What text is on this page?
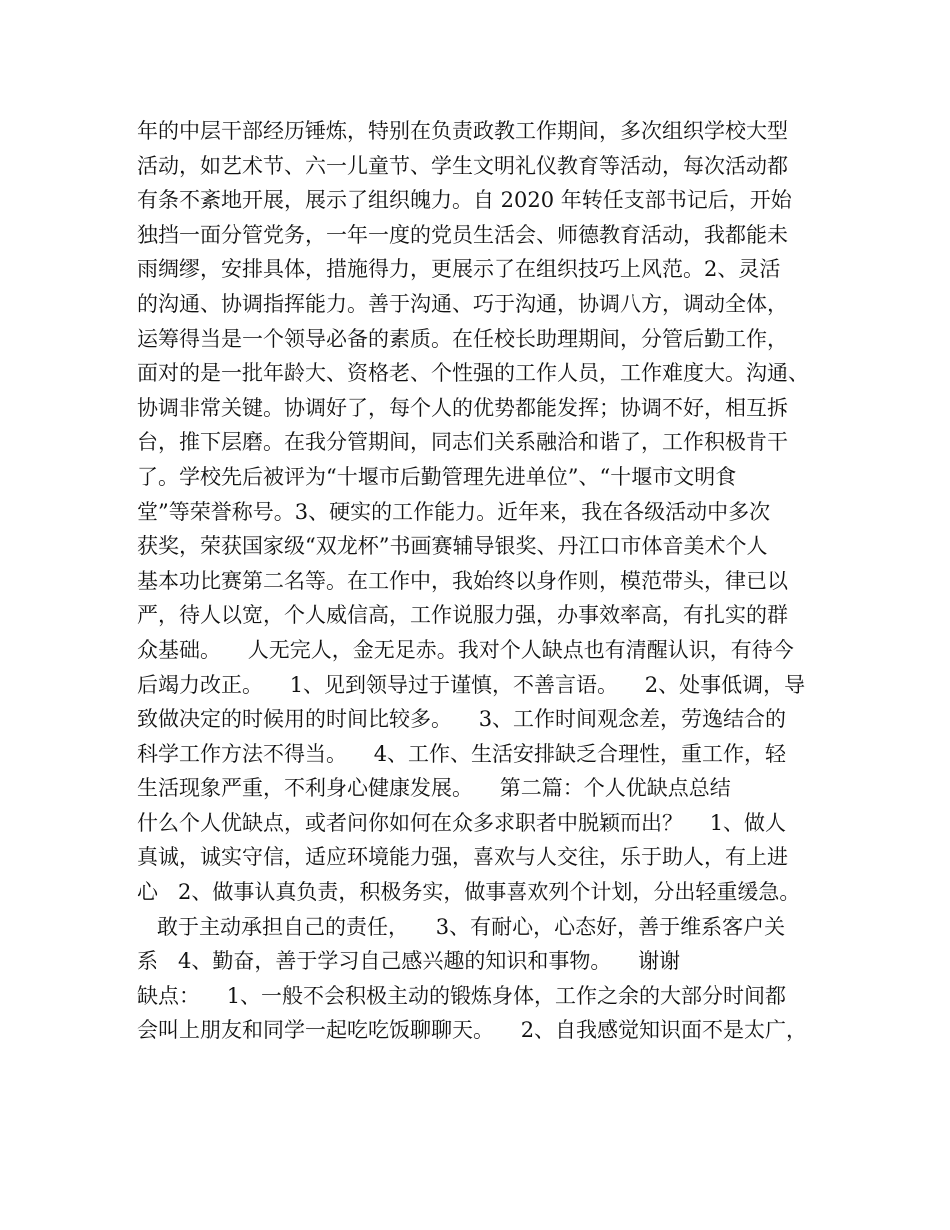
年的中层干部经历锤炼，特别在负责政教工作期间，多次组织学校大型
活动，如艺术节、六一儿童节、学生文明礼仪教育等活动，每次活动都
有条不紊地开展，展示了组织魄力。自 2020 年转任支部书记后，开始
独挡一面分管党务，一年一度的党员生活会、师德教育活动，我都能未
雨绸缪，安排具体，措施得力，更展示了在组织技巧上风范。2、灵活
的沟通、协调指挥能力。善于沟通、巧于沟通，协调八方，调动全体，
运筹得当是一个领导必备的素质。在任校长助理期间，分管后勤工作，
面对的是一批年龄大、资格老、个性强的工作人员，工作难度大。沟通、
协调非常关键。协调好了，每个人的优势都能发挥；协调不好，相互拆
台，推下层磨。在我分管期间，同志们关系融洽和谐了，工作积极肯干
了。学校先后被评为“十堰市后勤管理先进单位”、“十堰市文明食
堂”等荣誉称号。3、硬实的工作能力。近年来，我在各级活动中多次
获奖，荣获国家级“双龙杯”书画赛辅导银奖、丹江口市体音美术个人
基本功比赛第二名等。在工作中，我始终以身作则，模范带头，律已以
严，待人以宽，个人威信高，工作说服力强，办事效率高，有扎实的群
众基础。    人无完人，金无足赤。我对个人缺点也有清醒认识，有待今
后竭力改正。    1、见到领导过于谨慎，不善言语。    2、处事低调，导
致做决定的时候用的时间比较多。    3、工作时间观念差，劳逸结合的
科学工作方法不得当。    4、工作、生活安排缺乏合理性，重工作，轻
生活现象严重，不利身心健康发展。    第二篇：个人优缺点总结
什么个人优缺点，或者问你如何在众多求职者中脱颖而出？    1、做人
真诚，诚实守信，适应环境能力强，喜欢与人交往，乐于助人，有上进
心   2、做事认真负责，积极务实，做事喜欢列个计划，分出轻重缓急。
敢于主动承担自己的责任，    3、有耐心，心态好，善于维系客户关
系   4、勤奋，善于学习自己感兴趣的知识和事物。    谢谢
缺点：    1、一般不会积极主动的锻炼身体，工作之余的大部分时间都
会叫上朋友和同学一起吃吃饭聊聊天。    2、自我感觉知识面不是太广，
